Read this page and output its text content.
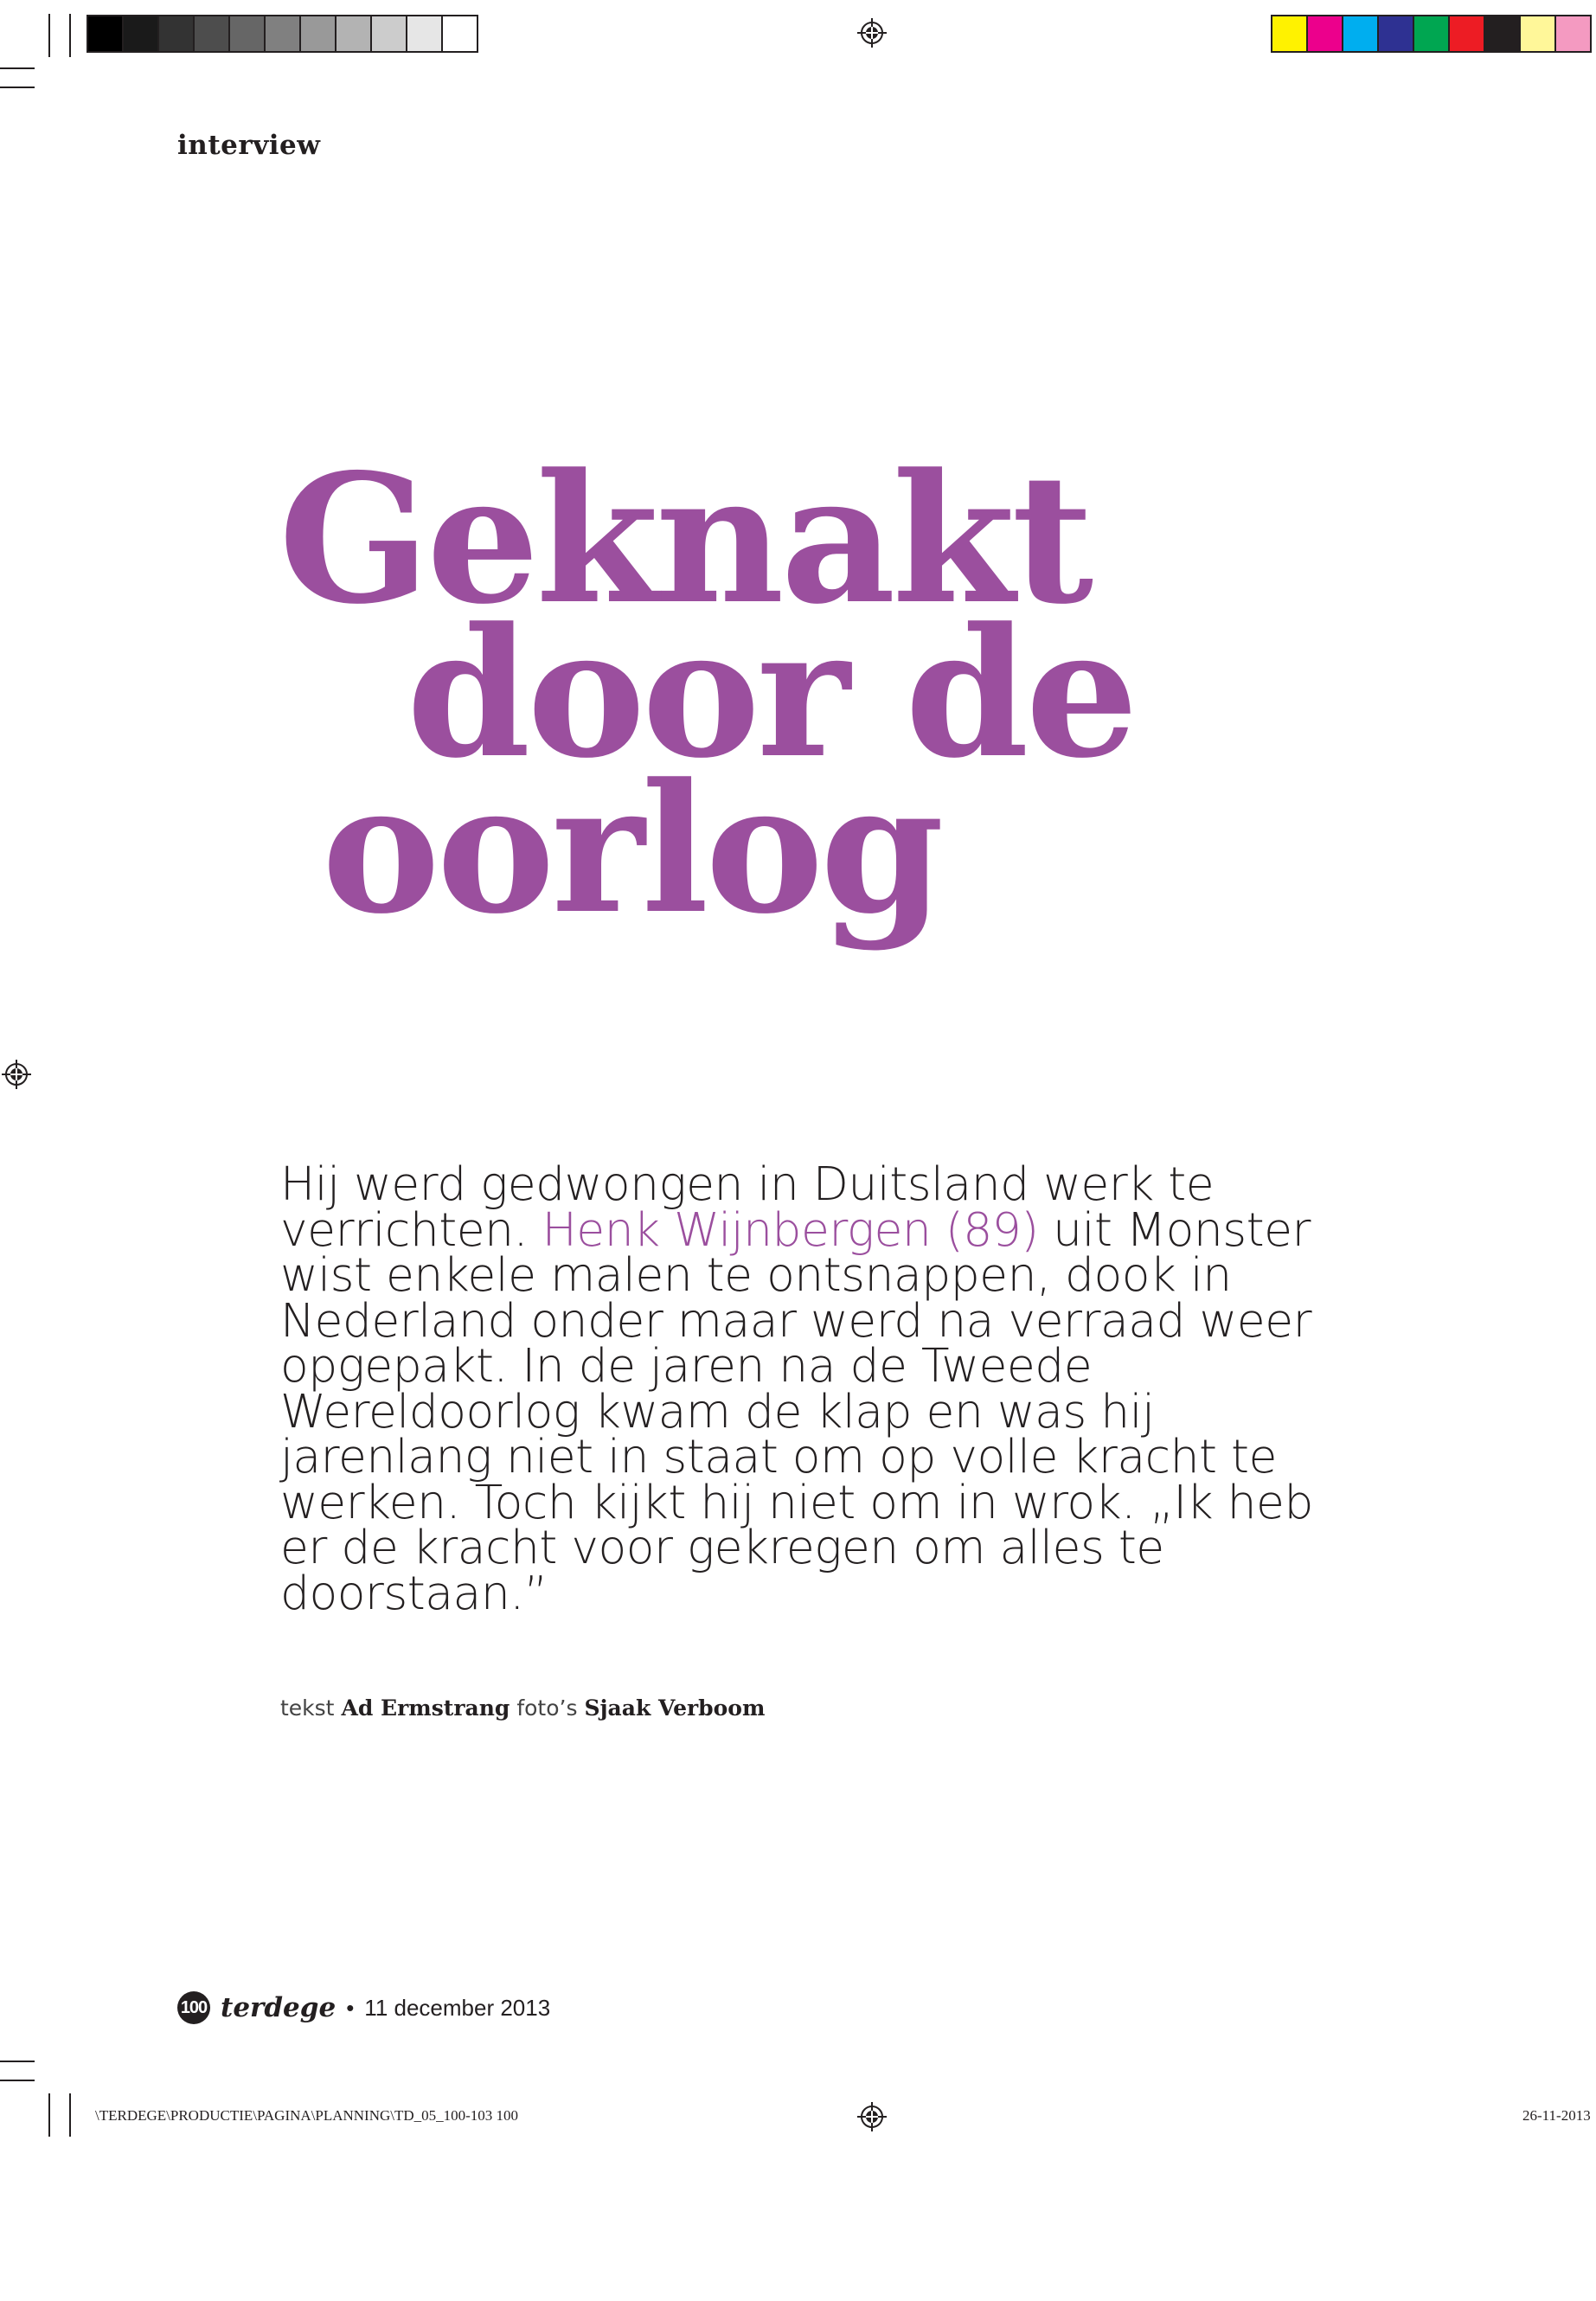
interview
Geknakt
door de
oorlog
Hij werd gedwongen in Duitsland werk te verrichten. Henk Wijnbergen (89) uit Monster wist enkele malen te ontsnappen, dook in Nederland onder maar werd na verraad weer opgepakt. In de jaren na de Tweede Wereldoorlog kwam de klap en was hij jarenlang niet in staat om op volle kracht te werken. Toch kijkt hij niet om in wrok. „Ik heb er de kracht voor gekregen om alles te doorstaan.”
tekst Ad Ermstrang foto’s Sjaak Verboom
100 terdege • 11 december 2013
\TERDEGE\PRODUCTIE\PAGINA\PLANNING\TD_05_100-103 100	26-11-2013
